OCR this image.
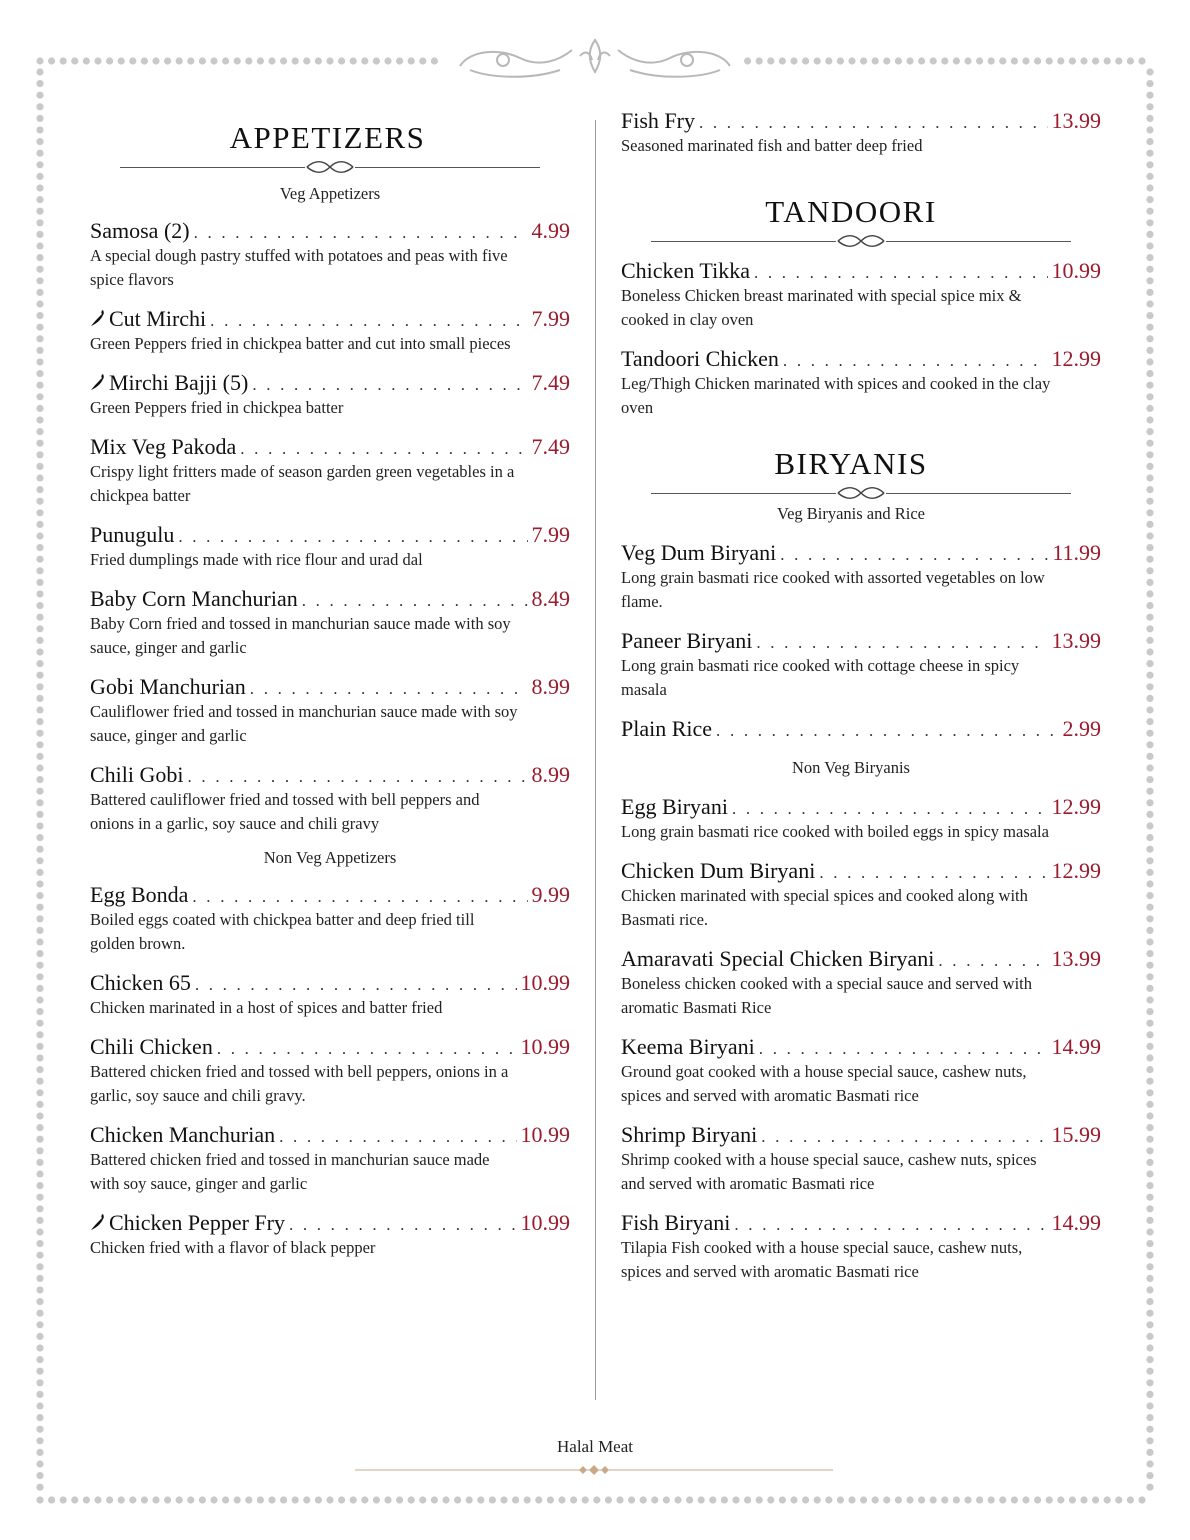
APPETIZERS
Veg Appetizers
Samosa (2) . . .	4.99
A special dough pastry stuffed with potatoes and peas with five spice flavors
Cut Mirchi . . .	7.99
Green Peppers fried in chickpea batter and cut into small pieces
Mirchi Bajji (5) . . .	7.49
Green Peppers fried in chickpea batter
Mix Veg Pakoda . . .	7.49
Crispy light fritters made of season garden green vegetables in a chickpea batter
Punugulu . . .	7.99
Fried dumplings made with rice flour and urad dal
Baby Corn Manchurian . . .	8.49
Baby Corn fried and tossed in manchurian sauce made with soy sauce, ginger and garlic
Gobi Manchurian . . .	8.99
Cauliflower fried and tossed in manchurian sauce made with soy sauce, ginger and garlic
Chili Gobi . . .	8.99
Battered cauliflower fried and tossed with bell peppers and onions in a garlic, soy sauce and chili gravy
Non Veg Appetizers
Egg Bonda . . .	9.99
Boiled eggs coated with chickpea batter and deep fried till golden brown.
Chicken 65 . . .	10.99
Chicken marinated in a host of spices and batter fried
Chili Chicken . . .	10.99
Battered chicken fried and tossed with bell peppers, onions in a garlic, soy sauce and chili gravy.
Chicken Manchurian . . .	10.99
Battered chicken fried and tossed in manchurian sauce made with soy sauce, ginger and garlic
Chicken Pepper Fry . . .	10.99
Chicken fried with a flavor of black pepper
Fish Fry . . .	13.99
Seasoned marinated fish and batter deep fried
TANDOORI
Chicken Tikka . . .	10.99
Boneless Chicken breast marinated with special spice mix & cooked in clay oven
Tandoori Chicken . . .	12.99
Leg/Thigh Chicken marinated with spices and cooked in the clay oven
BIRYANIS
Veg Biryanis and Rice
Veg Dum Biryani . . .	11.99
Long grain basmati rice cooked with assorted vegetables on low flame.
Paneer Biryani . . .	13.99
Long grain basmati rice cooked with cottage cheese in spicy masala
Plain Rice . . .	2.99
Non Veg Biryanis
Egg Biryani . . .	12.99
Long grain basmati rice cooked with boiled eggs in spicy masala
Chicken Dum Biryani . . .	12.99
Chicken marinated with special spices and cooked along with Basmati rice.
Amaravati Special Chicken Biryani . . .	13.99
Boneless chicken cooked with a special sauce and served with aromatic Basmati Rice
Keema Biryani . . .	14.99
Ground goat cooked with a house special sauce, cashew nuts, spices and served with aromatic Basmati rice
Shrimp Biryani . . .	15.99
Shrimp cooked with a house special sauce, cashew nuts, spices and served with aromatic Basmati rice
Fish Biryani . . .	14.99
Tilapia Fish cooked with a house special sauce, cashew nuts, spices and served with aromatic Basmati rice
Halal Meat
